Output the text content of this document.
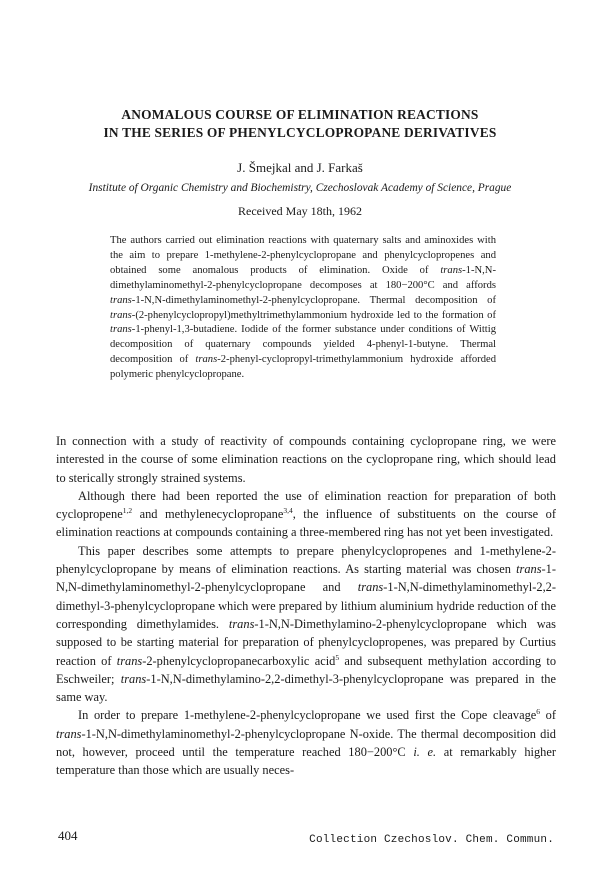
ANOMALOUS COURSE OF ELIMINATION REACTIONS
IN THE SERIES OF PHENYLCYCLOPROPANE DERIVATIVES
J. Šmejkal and J. Farkaš
Institute of Organic Chemistry and Biochemistry, Czechoslovak Academy of Science, Prague
Received May 18th, 1962
The authors carried out elimination reactions with quaternary salts and aminoxides with the aim to prepare 1-methylene-2-phenylcyclopropane and phenylcyclopropenes and obtained some anomalous products of elimination. Oxide of trans-1-N,N-dimethylaminomethyl-2-phenylcyclopropane decomposes at 180−200°C and affords trans-1-N,N-dimethylaminomethyl-2-phenylcyclopropane. Thermal decomposition of trans-(2-phenylcyclopropyl)methyltrimethylammonium hydroxide led to the formation of trans-1-phenyl-1,3-butadiene. Iodide of the former substance under conditions of Wittig decomposition of quaternary compounds yielded 4-phenyl-1-butyne. Thermal decomposition of trans-2-phenyl-cyclopropyl-trimethylammonium hydroxide afforded polymeric phenylcyclopropane.

In connection with a study of reactivity of compounds containing cyclopropane ring, we were interested in the course of some elimination reactions on the cyclopropane ring, which should lead to sterically strongly strained systems.

Although there had been reported the use of elimination reaction for preparation of both cyclopropene$^{1,2}$ and methylenecyclopropane$^{3,4}$, the influence of substituents on the course of elimination reactions at compounds containing a three-membered ring has not yet been investigated.

This paper describes some attempts to prepare phenylcyclopropenes and 1-methylene-2-phenylcyclopropane by means of elimination reactions. As starting material was chosen trans-1-N,N-dimethylaminomethyl-2-phenylcyclopropane and trans-1-N,N-dimethylaminomethyl-2,2-dimethyl-3-phenylcyclopropane which were prepared by lithium aluminium hydride reduction of the corresponding dimethylamides. trans-1-N,N-Dimethylamino-2-phenylcyclopropane which was supposed to be starting material for preparation of phenylcyclopropenes, was prepared by Curtius reaction of trans-2-phenylcyclopropanecarboxylic acid$^5$ and subsequent methylation according to Eschweiler; trans-1-N,N-dimethylamino-2,2-dimethyl-3-phenylcyclopropane was prepared in the same way.

In order to prepare 1-methylene-2-phenylcyclopropane we used first the Cope cleavage$^6$ of trans-1-N,N-dimethylaminomethyl-2-phenylcyclopropane N-oxide. The thermal decomposition did not, however, proceed until the temperature reached 180−200°C i. e. at remarkably higher temperature than those which are usually neces-

404	Collection Czechoslov. Chem. Commun.
